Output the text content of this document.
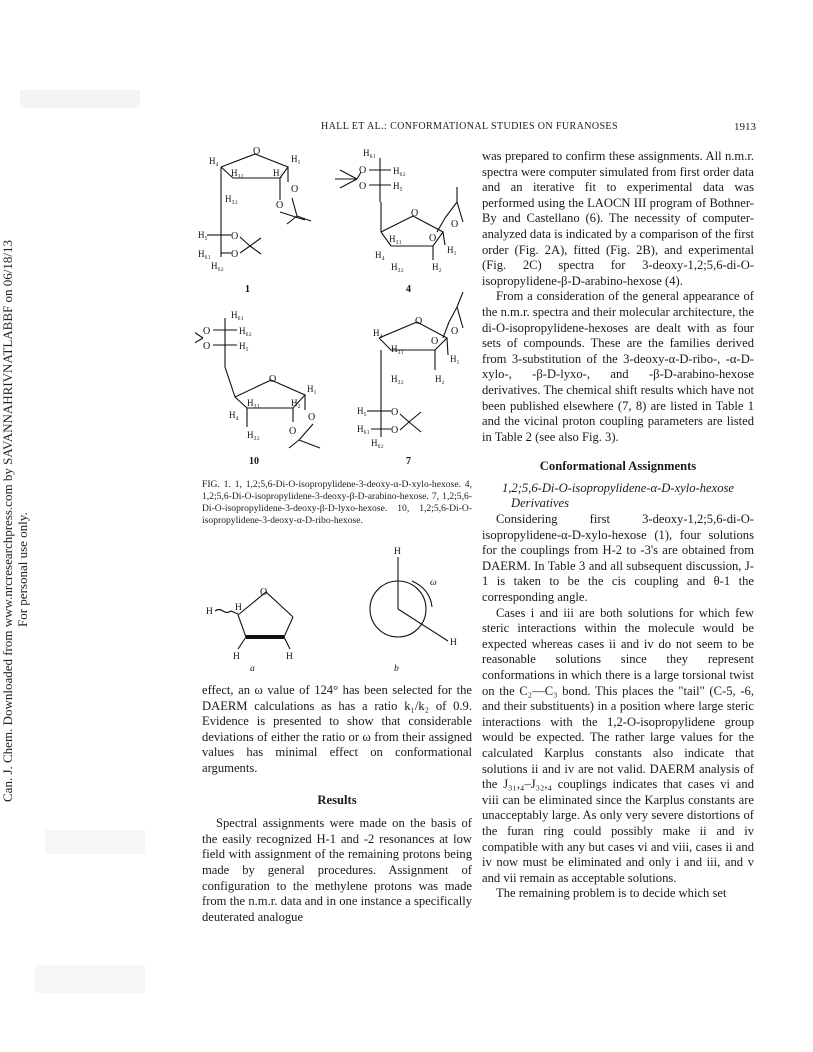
Can. J. Chem. Downloaded from www.nrcresearchpress.com by SAVANNAHRIVNATLABBF on 06/18/13 For personal use only.
HALL ET AL.: CONFORMATIONAL STUDIES ON FURANOSES	1913
O
H₄	H₁
H₃₁	H₂
H₃₂
O
O
H₅ O
H₆₁ O
H₆₂
H₆₁
O
O
H₆₂
H₅
O
H₄
H₃₁
H₁
H₃₂	H₂
O
O
1	4
H₆₁
O
O
H₆₂
H₅
O
H₁
H₃₁	H₂
H₄
H₃₂
O
O
O
H₄
H₃₁
H₁
H₃₂	H₂
O
O
H₅ O
H₆₁ O
H₆₂
10	7
FIG. 1. 1, 1,2;5,6-Di-O-isopropylidene-3-deoxy-α-D-xylo-hexose. 4, 1,2;5,6-Di-O-isopropylidene-3-deoxy-β-D-arabino-hexose. 7, 1,2;5,6-Di-O-isopropylidene-3-deoxy-β-D-lyxo-hexose. 10, 1,2;5,6-Di-O-isopropylidene-3-deoxy-α-D-ribo-hexose.
O
H H
H	H
H
H
ω
a	b

effect, an ω value of 124° has been selected for the DAERM calculations as has a ratio k₁/k₂ of 0.9. Evidence is presented to show that considerable deviations of either the ratio or ω from their assigned values has minimal effect on conformational arguments.

Results

Spectral assignments were made on the basis of the easily recognized H-1 and -2 resonances at low field with assignment of the remaining protons being made by general procedures. Assignment of configuration to the methylene protons was made from the n.m.r. data and in one instance a specifically deuterated analogue

was prepared to confirm these assignments. All n.m.r. spectra were computer simulated from first order data and an iterative fit to experimental data was performed using the LAOCN III program of Bothner-By and Castellano (6). The necessity of computer-analyzed data is indicated by a comparison of the first order (Fig. 2A), fitted (Fig. 2B), and experimental (Fig. 2C) spectra for 3-deoxy-1,2;5,6-di-O-isopropylidene-β-D-arabino-hexose (4).

From a consideration of the general appearance of the n.m.r. spectra and their molecular architecture, the di-O-isopropylidene-hexoses are dealt with as four sets of compounds. These are the families derived from 3-substitution of the 3-deoxy-α-D-ribo-, -α-D-xylo-, -β-D-lyxo-, and -β-D-arabino-hexose derivatives. The chemical shift results which have not been published elsewhere (7, 8) are listed in Table 1 and the vicinal proton coupling parameters are listed in Table 2 (see also Fig. 3).

Conformational Assignments

1,2;5,6-Di-O-isopropylidene-α-D-xylo-hexose

Derivatives

Considering first 3-deoxy-1,2;5,6-di-O-isopropylidene-α-D-xylo-hexose (1), four solutions for the couplings from H-2 to -3's are obtained from DAERM. In Table 3 and all subsequent discussion, J-1 is taken to be the cis coupling and θ-1 the corresponding angle.

Cases i and iii are both solutions for which few steric interactions within the molecule would be expected whereas cases ii and iv do not seem to be reasonable solutions since they represent conformations in which there is a large torsional twist on the C₂—C₃ bond. This places the "tail" (C-5, -6, and their substituents) in a position where large steric interactions with the 1,2-O-isopropylidene group would be expected. The rather large values for the calculated Karplus constants also indicate that solutions ii and iv are not valid. DAERM analysis of the J₃₁,₄–J₃₂,₄ couplings indicates that cases vi and viii can be eliminated since the Karplus constants are unacceptably large. As only very severe distortions of the furan ring could possibly make ii and iv compatible with any but cases vi and viii, cases ii and iv now must be eliminated and only i and iii, and v and vii remain as acceptable solutions.

The remaining problem is to decide which set
